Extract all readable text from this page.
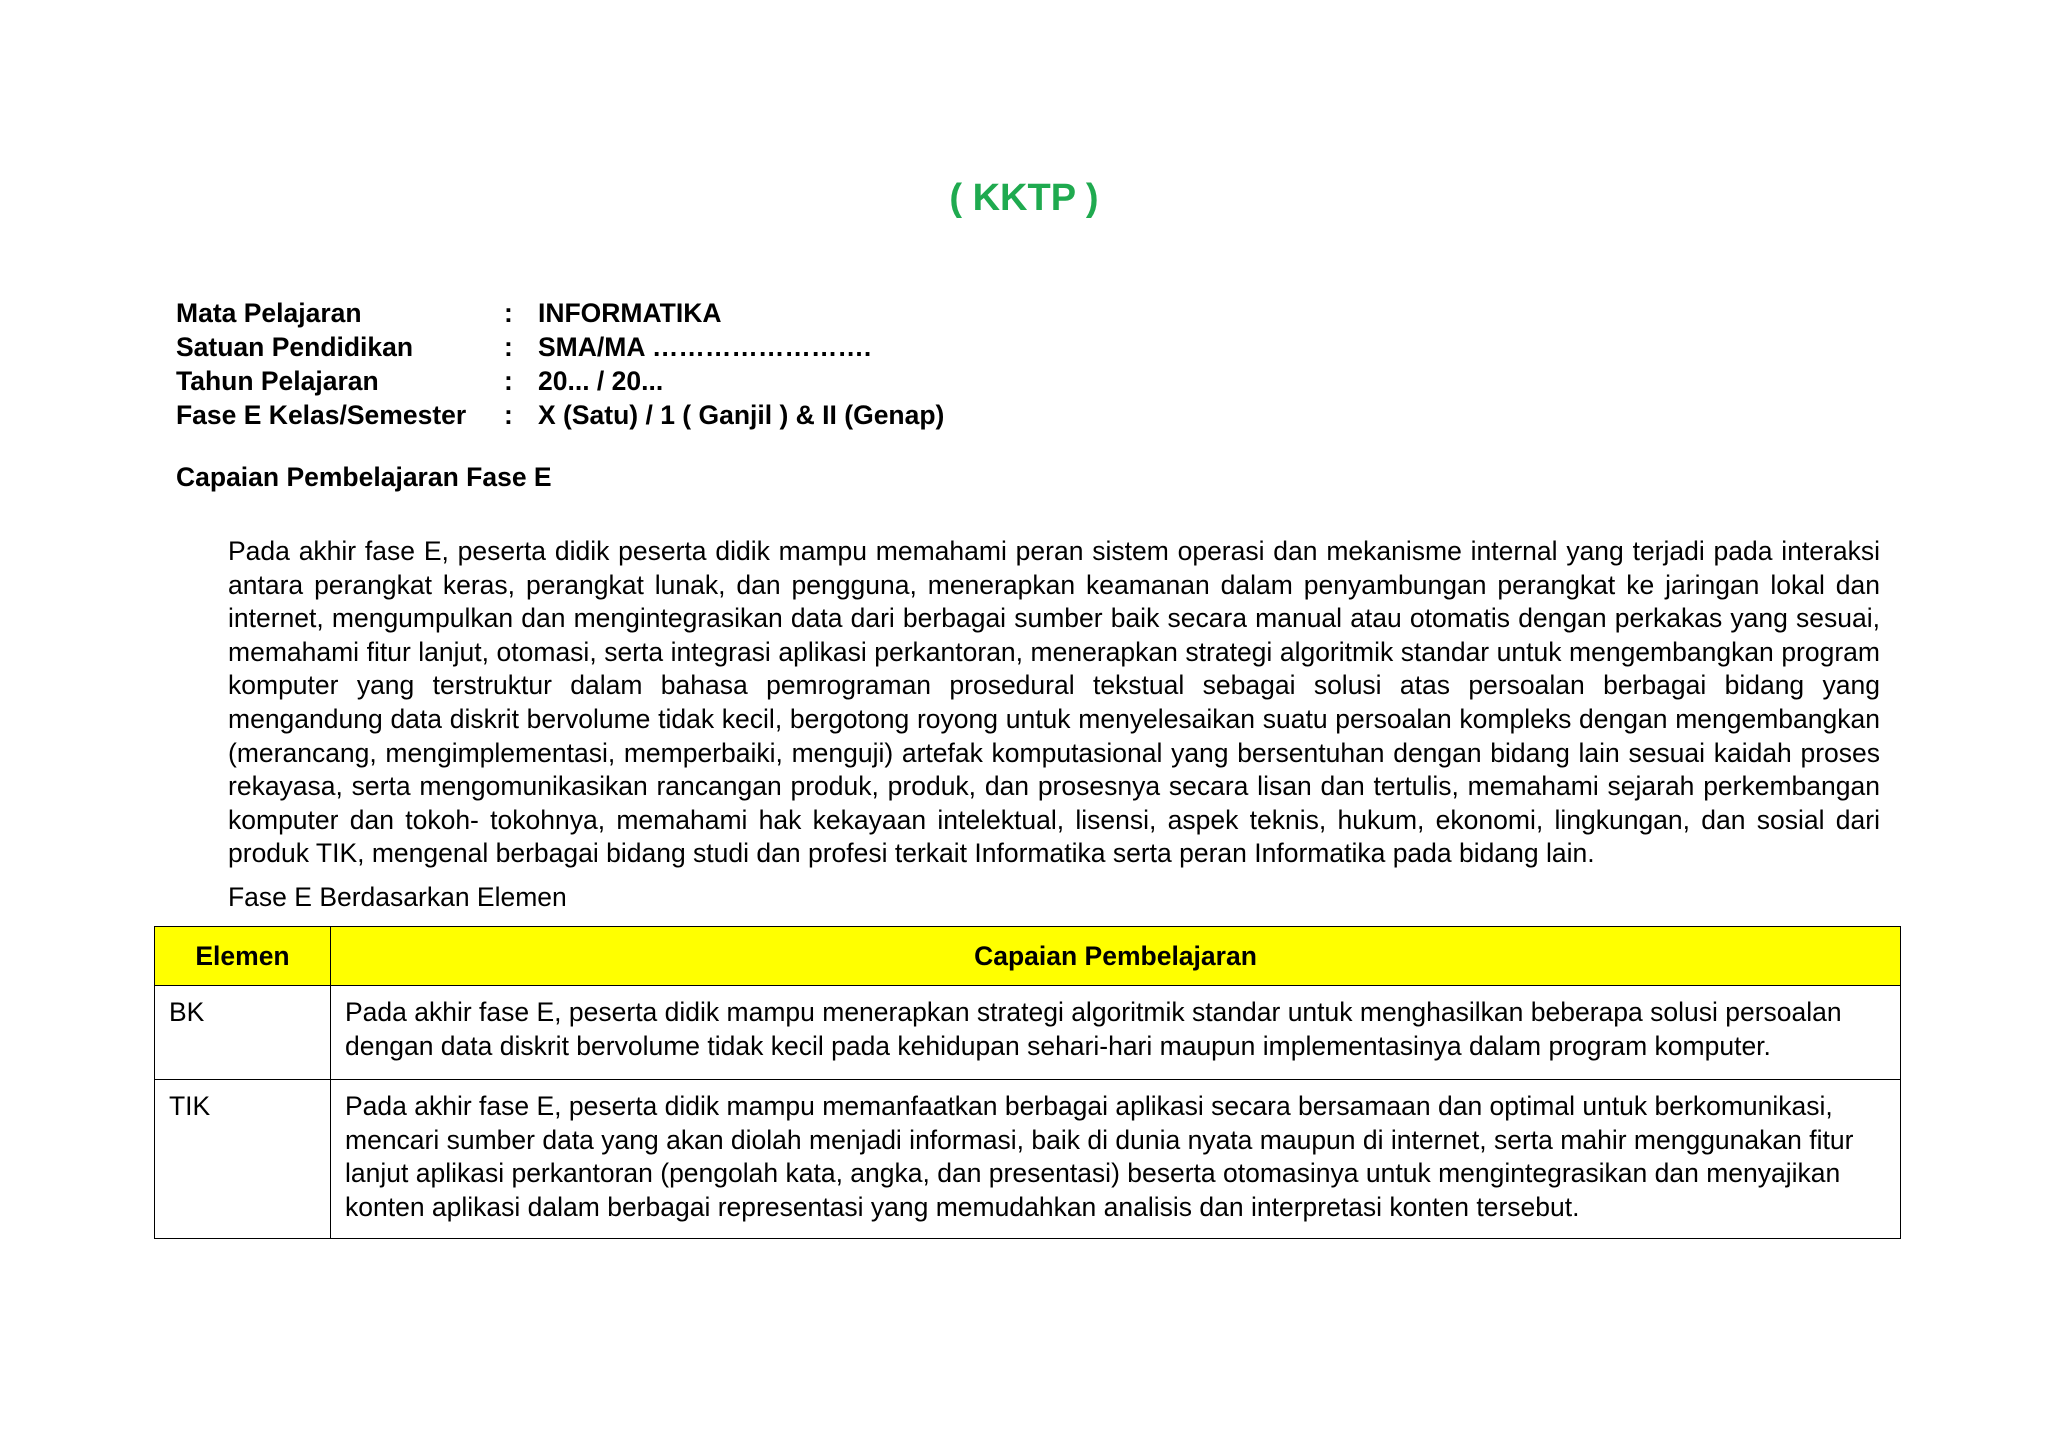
( KKTP )
Mata Pelajaran	: INFORMATIKA
Satuan Pendidikan	: SMA/MA …………………….
Tahun Pelajaran	: 20... / 20...
Fase E Kelas/Semester	: X (Satu) / 1 ( Ganjil ) & II (Genap)
Capaian Pembelajaran Fase E

Pada akhir fase E, peserta didik peserta didik mampu memahami peran sistem operasi dan mekanisme internal yang terjadi pada interaksi antara perangkat keras, perangkat lunak, dan pengguna, menerapkan keamanan dalam penyambungan perangkat ke jaringan lokal dan internet, mengumpulkan dan mengintegrasikan data dari berbagai sumber baik secara manual atau otomatis dengan perkakas yang sesuai, memahami fitur lanjut, otomasi, serta integrasi aplikasi perkantoran, menerapkan strategi algoritmik standar untuk mengembangkan program komputer yang terstruktur dalam bahasa pemrograman prosedural tekstual sebagai solusi atas persoalan berbagai bidang yang mengandung data diskrit bervolume tidak kecil, bergotong royong untuk menyelesaikan suatu persoalan kompleks dengan mengembangkan (merancang, mengimplementasi, memperbaiki, menguji) artefak komputasional yang bersentuhan dengan bidang lain sesuai kaidah proses rekayasa, serta mengomunikasikan rancangan produk, produk, dan prosesnya secara lisan dan tertulis, memahami sejarah perkembangan komputer dan tokoh- tokohnya, memahami hak kekayaan intelektual, lisensi, aspek teknis, hukum, ekonomi, lingkungan, dan sosial dari produk TIK, mengenal berbagai bidang studi dan profesi terkait Informatika serta peran Informatika pada bidang lain.

Fase E Berdasarkan Elemen
Elemen	Capaian Pembelajaran
BK	Pada akhir fase E, peserta didik mampu menerapkan strategi algoritmik standar untuk menghasilkan beberapa solusi persoalan dengan data diskrit bervolume tidak kecil pada kehidupan sehari-hari maupun implementasinya dalam program komputer.
TIK	Pada akhir fase E, peserta didik mampu memanfaatkan berbagai aplikasi secara bersamaan dan optimal untuk berkomunikasi, mencari sumber data yang akan diolah menjadi informasi, baik di dunia nyata maupun di internet, serta mahir menggunakan fitur lanjut aplikasi perkantoran (pengolah kata, angka, dan presentasi) beserta otomasinya untuk mengintegrasikan dan menyajikan konten aplikasi dalam berbagai representasi yang memudahkan analisis dan interpretasi konten tersebut.
